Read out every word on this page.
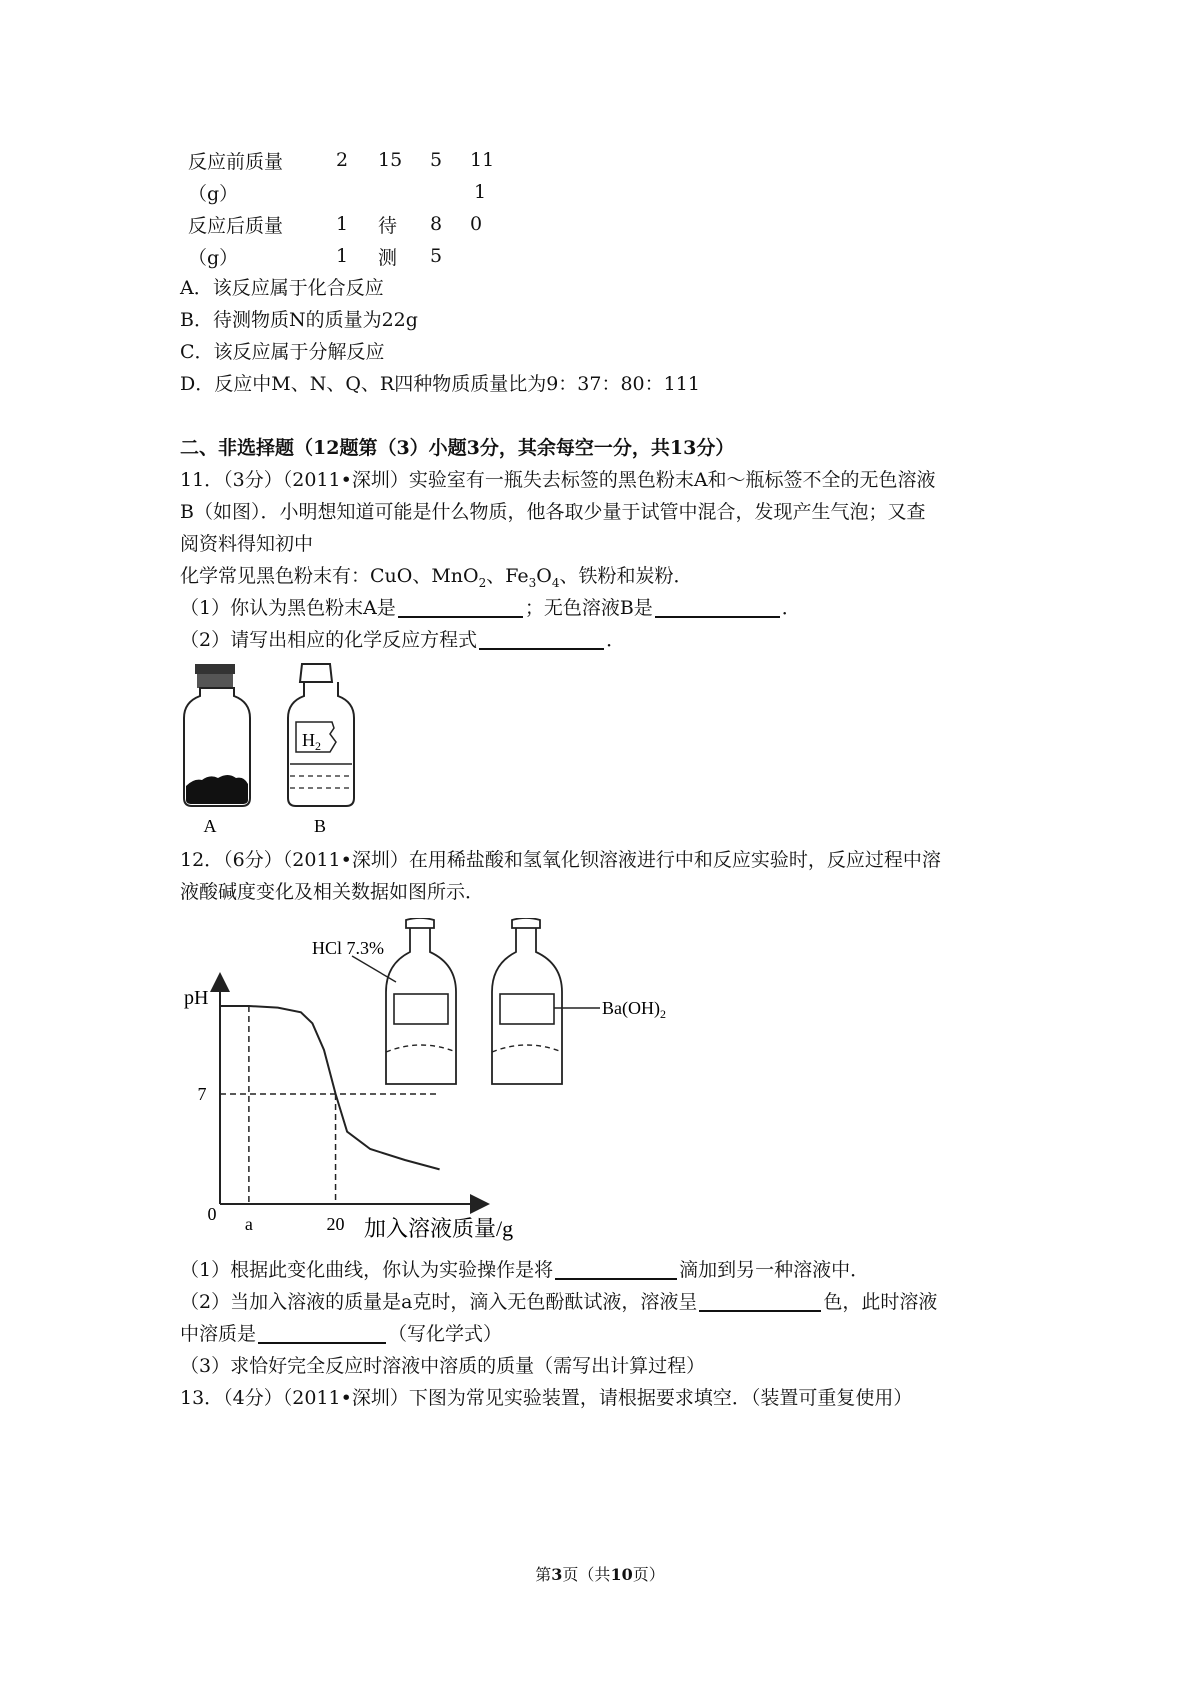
反应前质量	2	15	5	11
（g）				1
反应后质量	1	待	8	0
（g）	1	测	5	
A．该反应属于化合反应
B．待测物质N的质量为22g
C．该反应属于分解反应
D．反应中M、N、Q、R四种物质质量比为9：37：80：111
二、非选择题（12题第（3）小题3分，其余每空一分，共13分）
11．（3分）（2011•深圳）实验室有一瓶失去标签的黑色粉末A和～瓶标签不全的无色溶液
B（如图）．小明想知道可能是什么物质，他各取少量于试管中混合，发现产生气泡；又查
阅资料得知初中
化学常见黑色粉末有：CuO、MnO$_2$、$Fe_3O_4$、铁粉和炭粉．
（1）你认为黑色粉末A是	；无色溶液B是	．
（2）请写出相应的化学反应方程式	．
A
$H_2$
B
12．（6分）（2011•深圳）在用稀盐酸和氢氧化钡溶液进行中和反应实验时，反应过程中溶
液酸碱度变化及相关数据如图所示．
pH
加入溶液质量/g
0 a	20
7
HCl 7.3%
$Ba(OH)_2$
（1）根据此变化曲线，你认为实验操作是将	滴加到另一种溶液中．
（2）当加入溶液的质量是a克时，滴入无色酚酞试液，溶液呈	色，此时溶液
中溶质是	（写化学式）
（3）求恰好完全反应时溶液中溶质的质量（需写出计算过程）
13．（4分）（2011•深圳）下图为常见实验装置，请根据要求填空．（装置可重复使用）
第3页（共10页）
